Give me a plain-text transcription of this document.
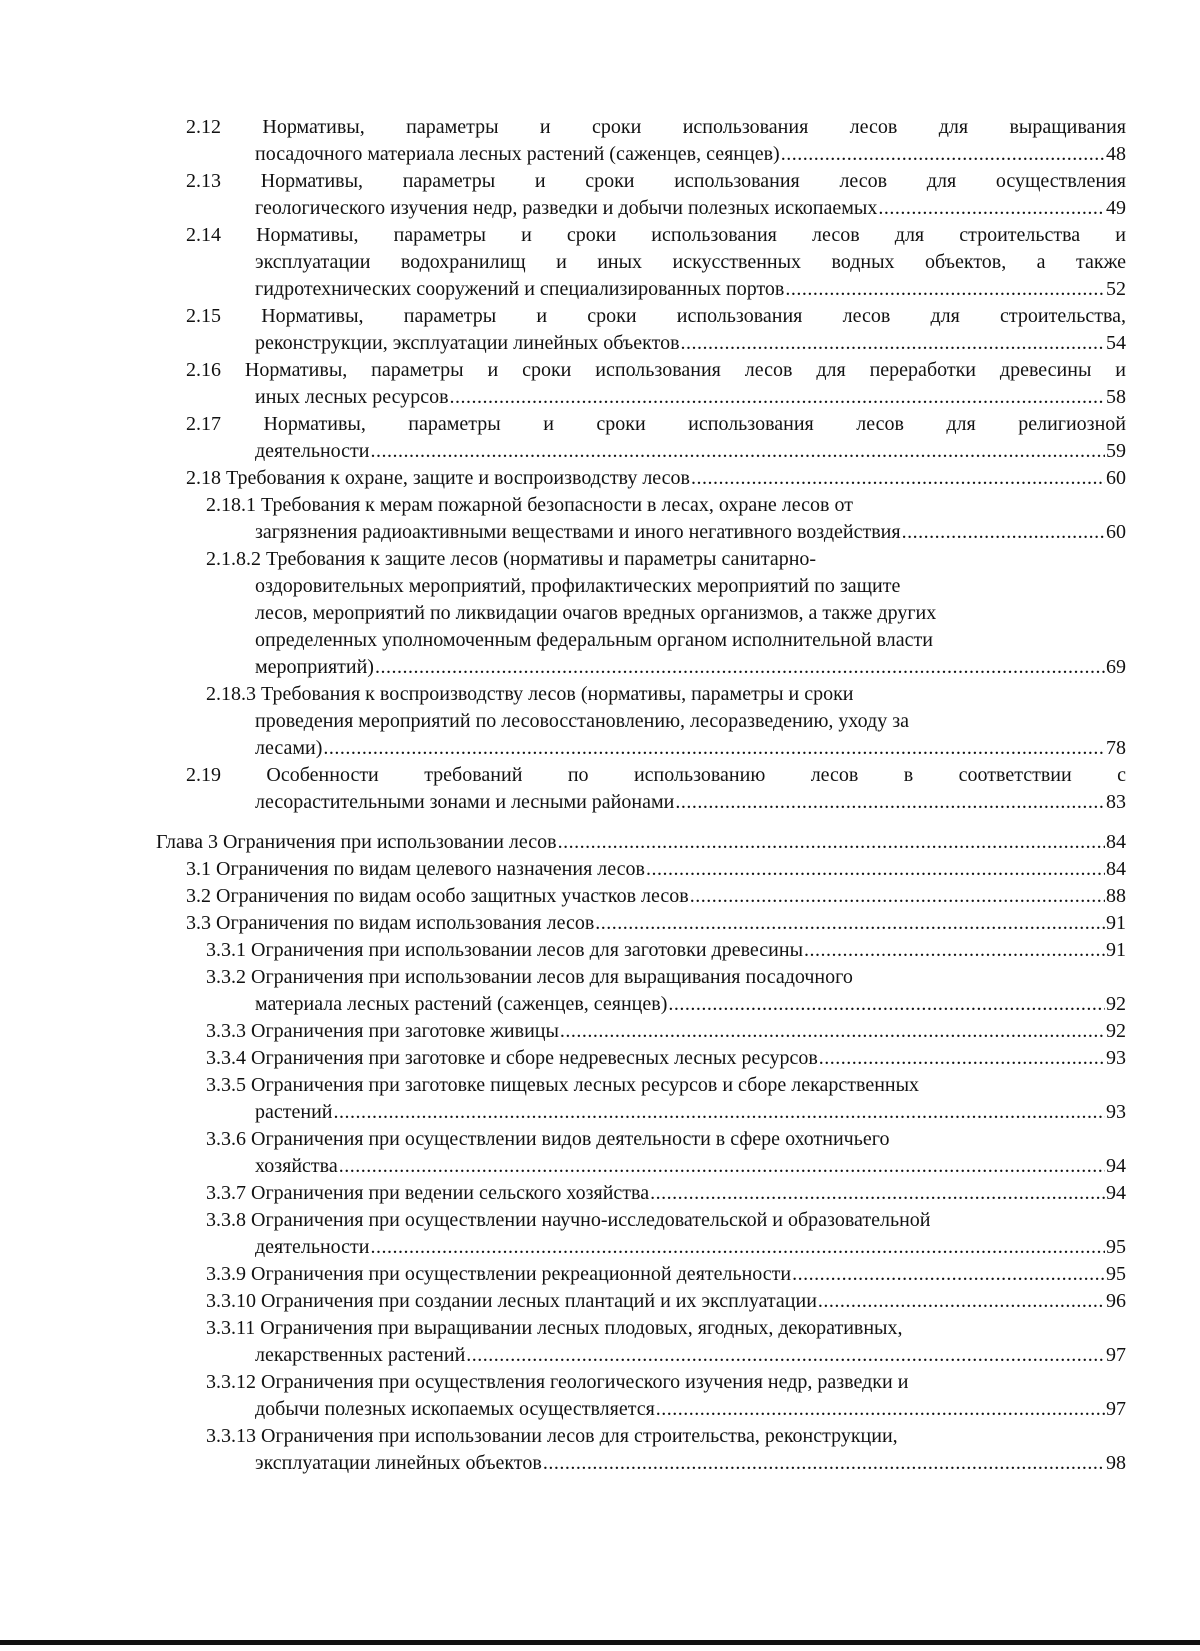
2.12 Нормативы, параметры и сроки использования лесов для выращивания
посадочного материала лесных растений (саженцев, сеянцев) .....	48
2.13 Нормативы, параметры и сроки использования лесов для осуществления
геологического изучения недр, разведки и добычи полезных ископаемых .....	49
2.14 Нормативы, параметры и сроки использования лесов для строительства и
эксплуатации водохранилищ и иных искусственных водных объектов, а также
гидротехнических сооружений и специализированных портов .....	52
2.15 Нормативы, параметры и сроки использования лесов для строительства,
реконструкции, эксплуатации линейных объектов .....	54
2.16 Нормативы, параметры и сроки использования лесов для переработки древесины и
иных лесных ресурсов .....	58
2.17 Нормативы, параметры и сроки использования лесов для религиозной
деятельности .....	59
2.18 Требования к охране, защите и воспроизводству лесов .....	60
2.18.1 Требования к мерам пожарной безопасности в лесах, охране лесов от
загрязнения радиоактивными веществами и иного негативного воздействия .....	60
2.1.8.2 Требования к защите лесов (нормативы и параметры санитарно-
оздоровительных мероприятий, профилактических мероприятий по защите
лесов, мероприятий по ликвидации очагов вредных организмов, а также других
определенных уполномоченным федеральным органом исполнительной власти
мероприятий) .....	69
2.18.3 Требования к воспроизводству лесов (нормативы, параметры и сроки
проведения мероприятий по лесовосстановлению, лесоразведению, уходу за
лесами) .....	78
2.19 Особенности требований по использованию лесов в соответствии с
лесорастительными зонами и лесными районами .....	83
Глава 3 Ограничения при использовании лесов .....	84
3.1 Ограничения по видам целевого назначения лесов .....	84
3.2 Ограничения по видам особо защитных участков лесов .....	88
3.3 Ограничения по видам использования лесов .....	91
3.3.1 Ограничения при использовании лесов для заготовки древесины .....	91
3.3.2 Ограничения при использовании лесов для выращивания посадочного
материала лесных растений (саженцев, сеянцев) .....	92
3.3.3 Ограничения при заготовке живицы .....	92
3.3.4 Ограничения при заготовке и сборе недревесных лесных ресурсов .....	93
3.3.5 Ограничения при заготовке пищевых лесных ресурсов и сборе лекарственных
растений .....	93
3.3.6 Ограничения при осуществлении видов деятельности в сфере охотничьего
хозяйства .....	94
3.3.7 Ограничения при ведении сельского хозяйства .....	94
3.3.8 Ограничения при осуществлении научно-исследовательской и образовательной
деятельности .....	95
3.3.9 Ограничения при осуществлении рекреационной деятельности .....	95
3.3.10 Ограничения при создании лесных плантаций и их эксплуатации .....	96
3.3.11 Ограничения при выращивании лесных плодовых, ягодных, декоративных,
лекарственных растений .....	97
3.3.12 Ограничения при осуществления геологического изучения недр, разведки и
добычи полезных ископаемых осуществляется .....	97
3.3.13 Ограничения при использовании лесов для строительства, реконструкции,
эксплуатации линейных объектов .....	98
